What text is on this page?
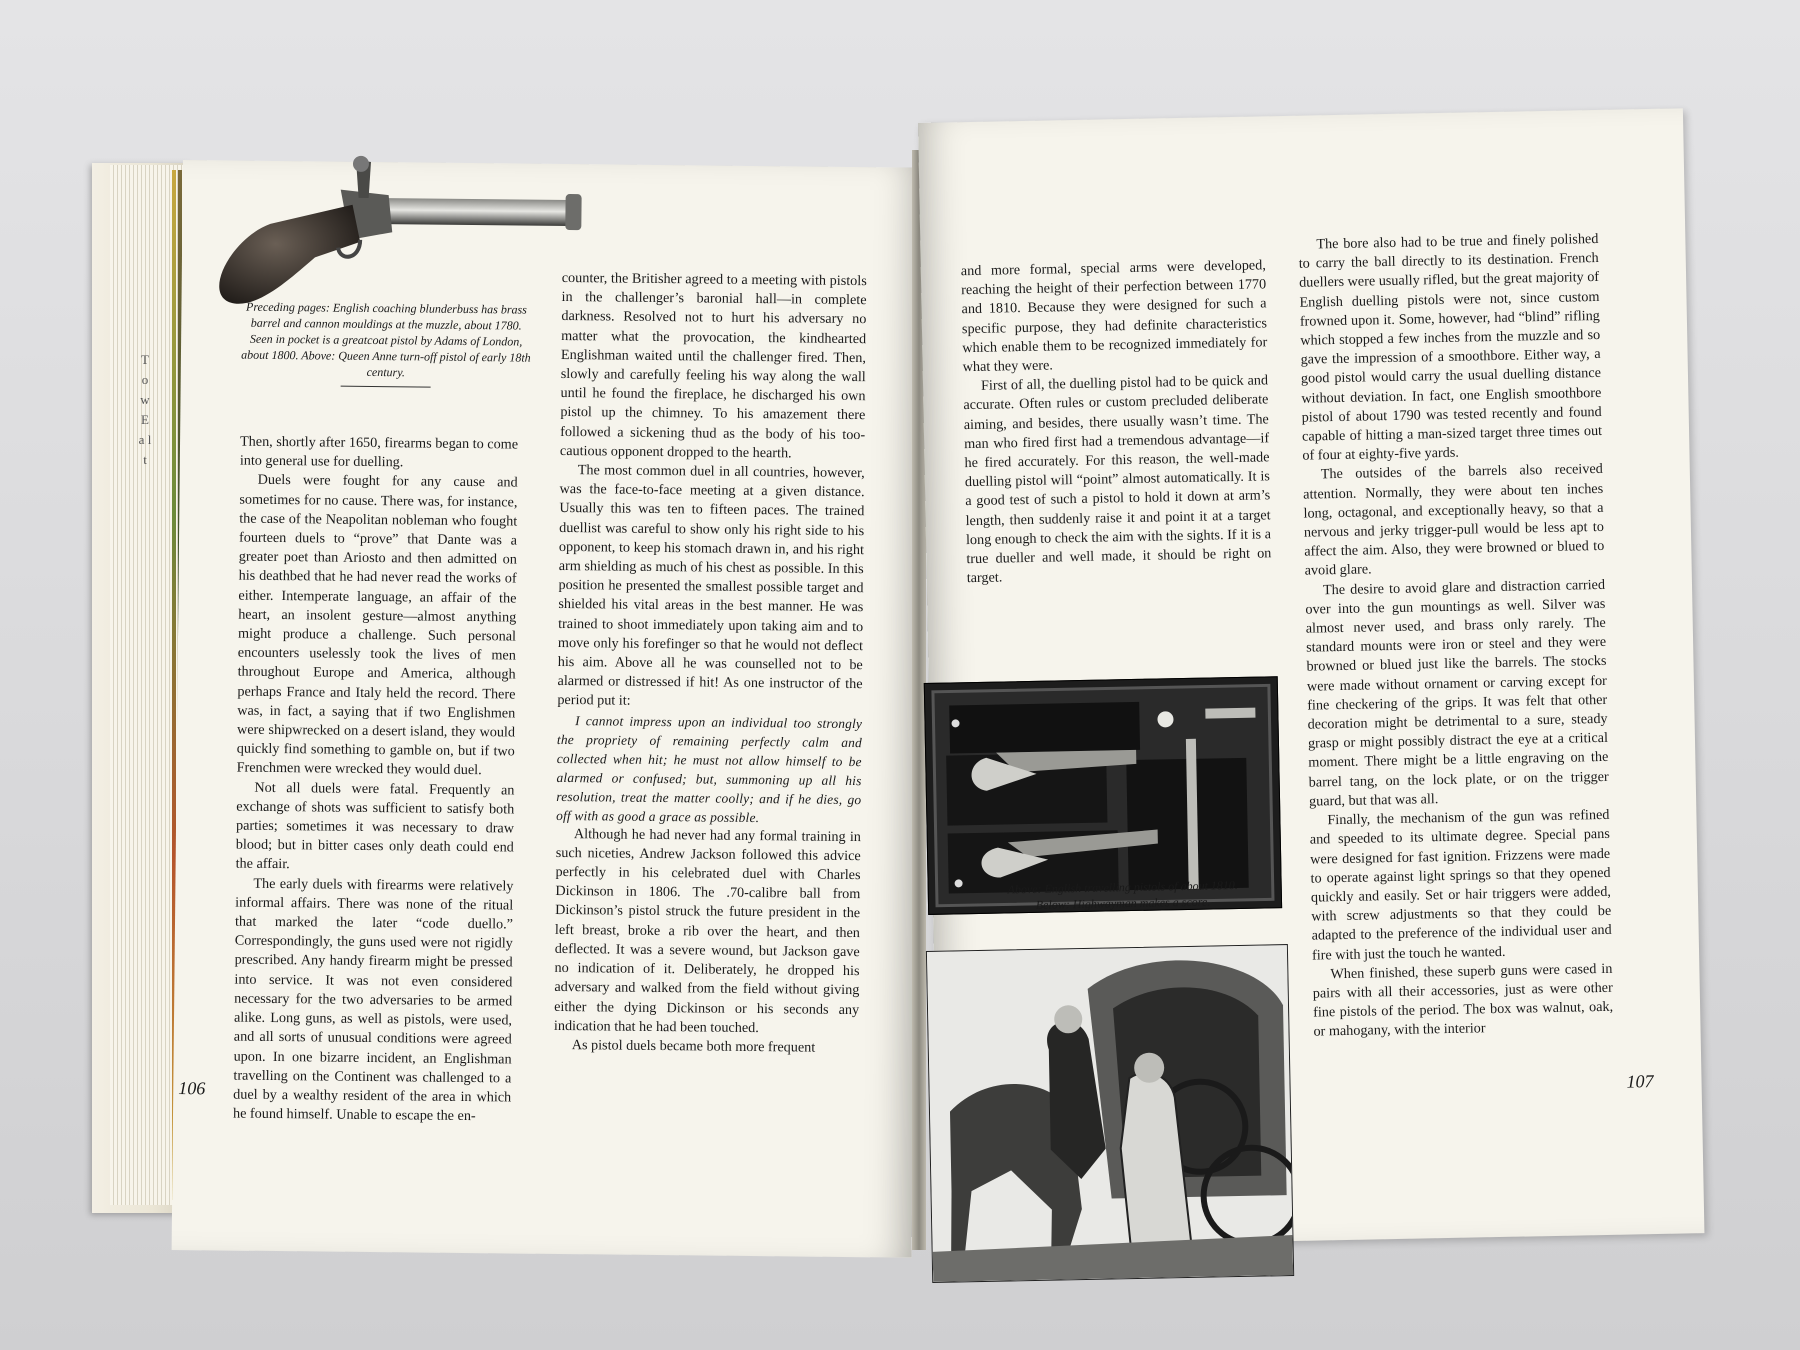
T o w E a l t
Preceding pages: English coaching blunderbuss has brass barrel and cannon mouldings at the muzzle, about 1780. Seen in pocket is a greatcoat pistol by Adams of London, about 1800. Above: Queen Anne turn-off pistol of early 18th century.

Then, shortly after 1650, firearms began to come into general use for duelling.

Duels were fought for any cause and sometimes for no cause. There was, for instance, the case of the Neapolitan nobleman who fought fourteen duels to “prove” that Dante was a greater poet than Ariosto and then admitted on his deathbed that he had never read the works of either. Intemperate language, an affair of the heart, an insolent gesture—almost anything might produce a challenge. Such personal encounters uselessly took the lives of men throughout Europe and America, although perhaps France and Italy held the record. There was, in fact, a saying that if two Englishmen were shipwrecked on a desert island, they would quickly find something to gamble on, but if two Frenchmen were wrecked they would duel.

Not all duels were fatal. Frequently an exchange of shots was sufficient to satisfy both parties; sometimes it was necessary to draw blood; but in bitter cases only death could end the affair.

The early duels with firearms were relatively informal affairs. There was none of the ritual that marked the later “code duello.” Correspondingly, the guns used were not rigidly prescribed. Any handy firearm might be pressed into service. It was not even considered necessary for the two adversaries to be armed alike. Long guns, as well as pistols, were used, and all sorts of unusual conditions were agreed upon. In one bizarre incident, an Englishman travelling on the Continent was challenged to a duel by a wealthy resident of the area in which he found himself. Unable to escape the en-

counter, the Britisher agreed to a meeting with pistols in the challenger’s baronial hall—in complete darkness. Resolved not to hurt his adversary no matter what the provocation, the kindhearted Englishman waited until the challenger fired. Then, slowly and carefully feeling his way along the wall until he found the fireplace, he discharged his own pistol up the chimney. To his amazement there followed a sickening thud as the body of his too-cautious opponent dropped to the hearth.

The most common duel in all countries, however, was the face-to-face meeting at a given distance. Usually this was ten to fifteen paces. The trained duellist was careful to show only his right side to his opponent, to keep his stomach drawn in, and his right arm shielding as much of his chest as possible. In this position he presented the smallest possible target and shielded his vital areas in the best manner. He was trained to shoot immediately upon taking aim and to move only his forefinger so that he would not deflect his aim. Above all he was counselled not to be alarmed or distressed if hit! As one instructor of the period put it:

I cannot impress upon an individual too strongly the propriety of remaining perfectly calm and collected when hit; he must not allow himself to be alarmed or confused; but, summoning up all his resolution, treat the matter coolly; and if he dies, go off with as good a grace as possible.

Although he had never had any formal training in such niceties, Andrew Jackson followed this advice perfectly in his celebrated duel with Charles Dickinson in 1806. The .70-calibre ball from Dickinson’s pistol struck the future president in the left breast, broke a rib over the heart, and then deflected. It was a severe wound, but Jackson gave no indication of it. Deliberately, he dropped his adversary and walked from the field without giving either the dying Dickinson or his seconds any indication that he had been touched.

As pistol duels became both more frequent

106

and more formal, special arms were developed, reaching the height of their perfection between 1770 and 1810. Because they were designed for such a specific purpose, they had definite characteristics which enable them to be recognized immediately for what they were.

First of all, the duelling pistol had to be quick and accurate. Often rules or custom precluded deliberate aiming, and besides, there usually wasn’t time. The man who fired first had a tremendous advantage—if he fired accurately. For this reason, the well-made duelling pistol will “point” almost automatically. It is a good test of such a pistol to hold it down at arm’s length, then suddenly raise it and point it at a target long enough to check the aim with the sights. If it is a true dueller and well made, it should be right on target.

Above: English travelling pistols of about 1810.
Below: Highwayman makes a score.

The bore also had to be true and finely polished to carry the ball directly to its destination. French duellers were usually rifled, but the great majority of English duelling pistols were not, since custom frowned upon it. Some, however, had “blind” rifling which stopped a few inches from the muzzle and so gave the impression of a smoothbore. Either way, a good pistol would carry the usual duelling distance without deviation. In fact, one English smoothbore pistol of about 1790 was tested recently and found capable of hitting a man-sized target three times out of four at eighty-five yards.

The outsides of the barrels also received attention. Normally, they were about ten inches long, octagonal, and exceptionally heavy, so that a nervous and jerky trigger-pull would be less apt to affect the aim. Also, they were browned or blued to avoid glare.

The desire to avoid glare and distraction carried over into the gun mountings as well. Silver was almost never used, and brass only rarely. The standard mounts were iron or steel and they were browned or blued just like the barrels. The stocks were made without ornament or carving except for fine checkering of the grips. It was felt that other decoration might be detrimental to a sure, steady grasp or might possibly distract the eye at a critical moment. There might be a little engraving on the barrel tang, on the lock plate, or on the trigger guard, but that was all.

Finally, the mechanism of the gun was refined and speeded to its ultimate degree. Special pans were designed for fast ignition. Frizzens were made to operate against light springs so that they opened quickly and easily. Set or hair triggers were added, with screw adjustments so that they could be adapted to the preference of the individual user and fire with just the touch he wanted.

When finished, these superb guns were cased in pairs with all their accessories, just as were other fine pistols of the period. The box was walnut, oak, or mahogany, with the interior

107
